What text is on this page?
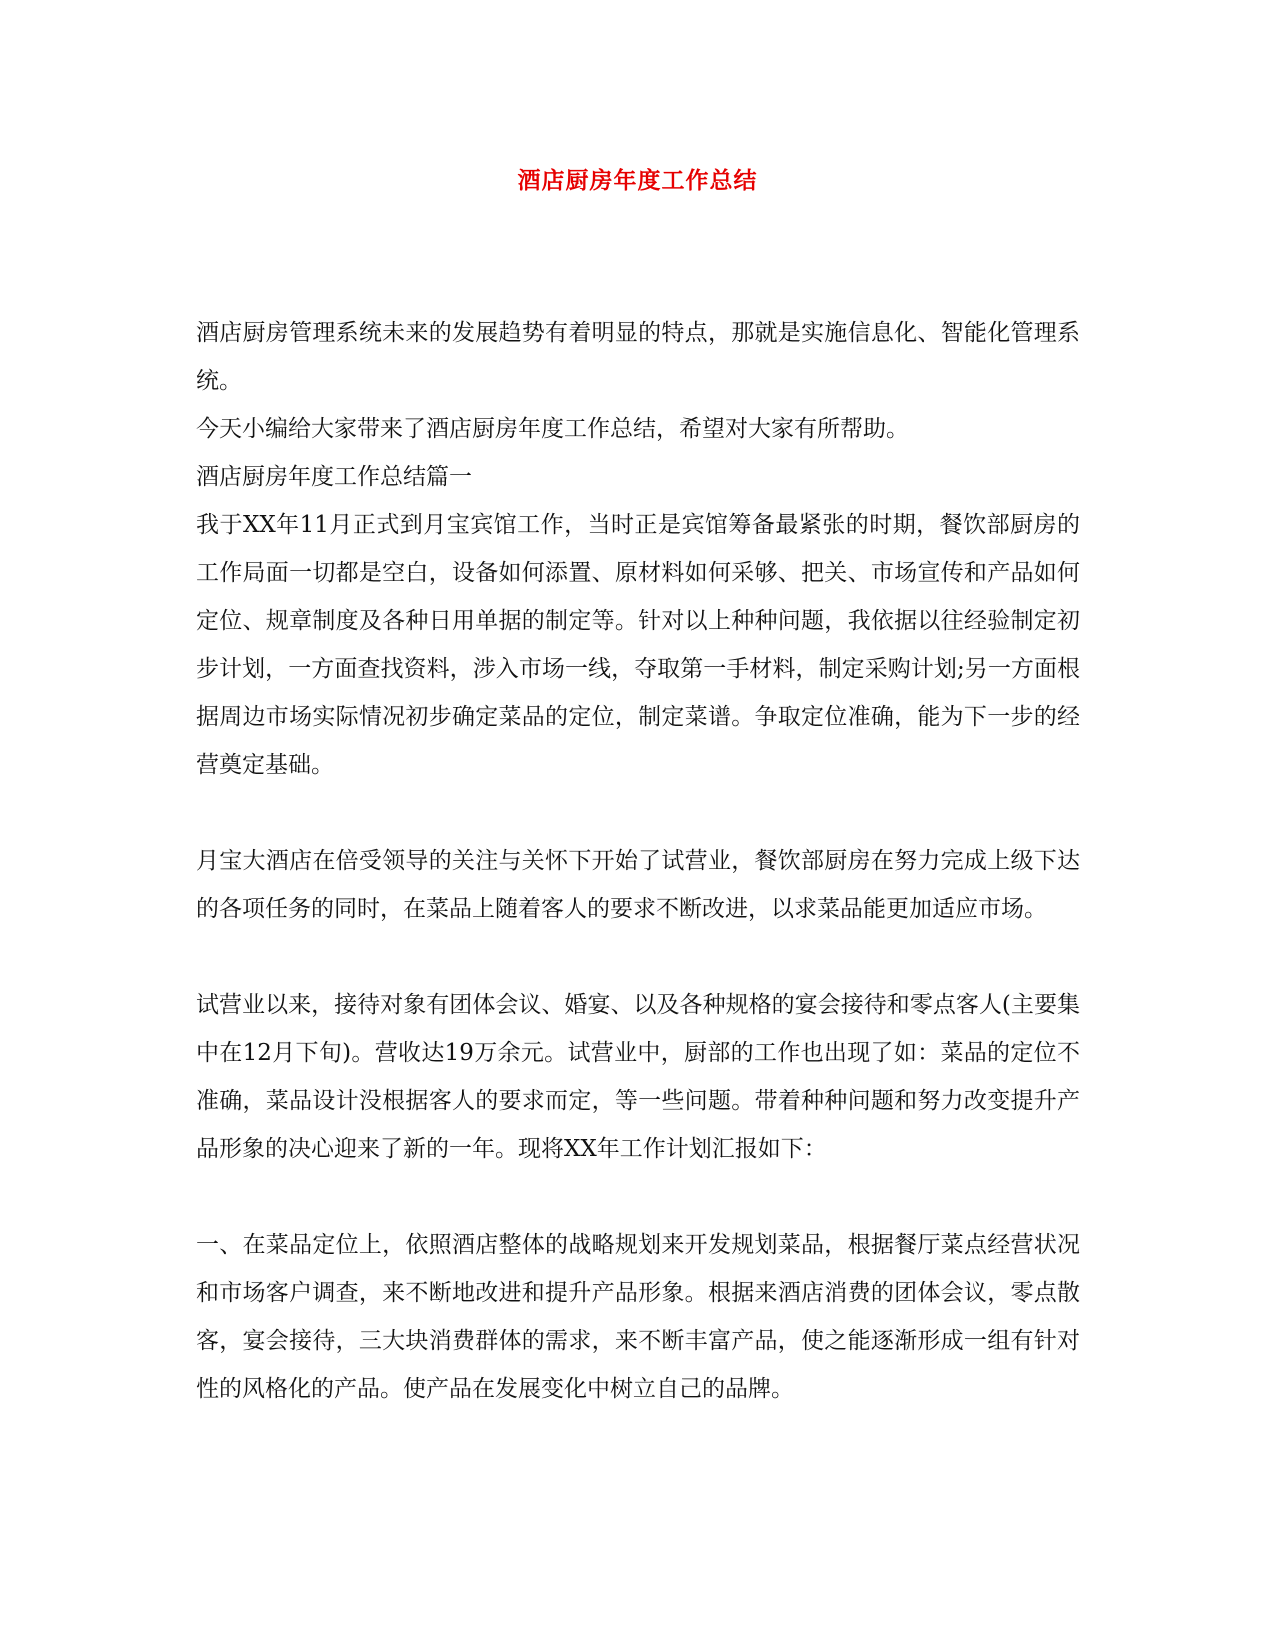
酒店厨房年度工作总结

酒店厨房管理系统未来的发展趋势有着明显的特点，那就是实施信息化、智能化管理系统。

今天小编给大家带来了酒店厨房年度工作总结，希望对大家有所帮助。

酒店厨房年度工作总结篇一

我于XX年11月正式到月宝宾馆工作，当时正是宾馆筹备最紧张的时期，餐饮部厨房的工作局面一切都是空白，设备如何添置、原材料如何采够、把关、市场宣传和产品如何定位、规章制度及各种日用单据的制定等。针对以上种种问题，我依据以往经验制定初步计划，一方面查找资料，涉入市场一线，夺取第一手材料，制定采购计划;另一方面根据周边市场实际情况初步确定菜品的定位，制定菜谱。争取定位准确，能为下一步的经营奠定基础。

月宝大酒店在倍受领导的关注与关怀下开始了试营业，餐饮部厨房在努力完成上级下达的各项任务的同时，在菜品上随着客人的要求不断改进，以求菜品能更加适应市场。

试营业以来，接待对象有团体会议、婚宴、以及各种规格的宴会接待和零点客人(主要集中在12月下旬)。营收达19万余元。试营业中，厨部的工作也出现了如：菜品的定位不准确，菜品设计没根据客人的要求而定，等一些问题。带着种种问题和努力改变提升产品形象的决心迎来了新的一年。现将XX年工作计划汇报如下：

一、在菜品定位上，依照酒店整体的战略规划来开发规划菜品，根据餐厅菜点经营状况和市场客户调查，来不断地改进和提升产品形象。根据来酒店消费的团体会议，零点散客，宴会接待，三大块消费群体的需求，来不断丰富产品，使之能逐渐形成一组有针对性的风格化的产品。使产品在发展变化中树立自己的品牌。
